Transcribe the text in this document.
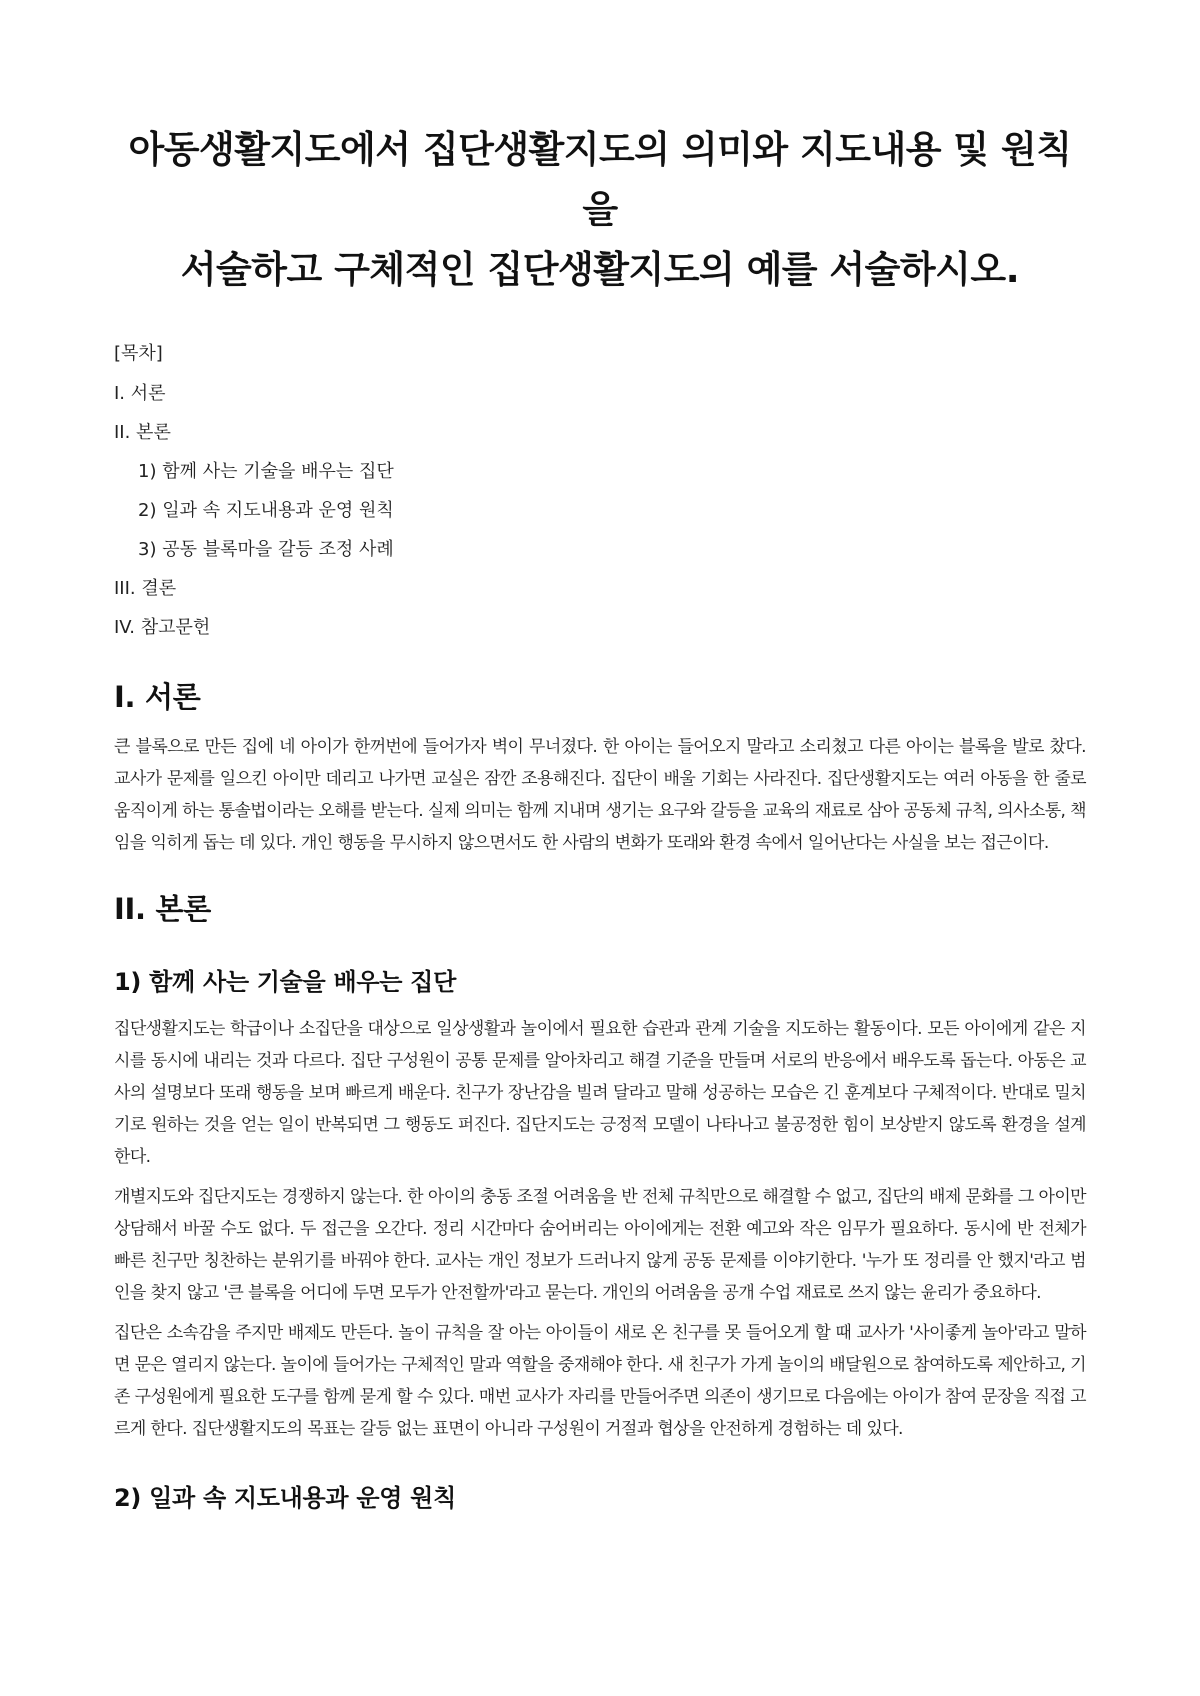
아동생활지도에서 집단생활지도의 의미와 지도내용 및 원칙을
서술하고 구체적인 집단생활지도의 예를 서술하시오.
[목차]
I. 서론
II. 본론
1) 함께 사는 기술을 배우는 집단
2) 일과 속 지도내용과 운영 원칙
3) 공동 블록마을 갈등 조정 사례
III. 결론
IV. 참고문헌
I. 서론

큰 블록으로 만든 집에 네 아이가 한꺼번에 들어가자 벽이 무너졌다. 한 아이는 들어오지 말라고 소리쳤고 다른 아이는 블록을 발로 찼다. 교사가 문제를 일으킨 아이만 데리고 나가면 교실은 잠깐 조용해진다. 집단이 배울 기회는 사라진다. 집단생활지도는 여러 아동을 한 줄로 움직이게 하는 통솔법이라는 오해를 받는다. 실제 의미는 함께 지내며 생기는 요구와 갈등을 교육의 재료로 삼아 공동체 규칙, 의사소통, 책임을 익히게 돕는 데 있다. 개인 행동을 무시하지 않으면서도 한 사람의 변화가 또래와 환경 속에서 일어난다는 사실을 보는 접근이다.

II. 본론
1) 함께 사는 기술을 배우는 집단

집단생활지도는 학급이나 소집단을 대상으로 일상생활과 놀이에서 필요한 습관과 관계 기술을 지도하는 활동이다. 모든 아이에게 같은 지시를 동시에 내리는 것과 다르다. 집단 구성원이 공통 문제를 알아차리고 해결 기준을 만들며 서로의 반응에서 배우도록 돕는다. 아동은 교사의 설명보다 또래 행동을 보며 빠르게 배운다. 친구가 장난감을 빌려 달라고 말해 성공하는 모습은 긴 훈계보다 구체적이다. 반대로 밀치기로 원하는 것을 얻는 일이 반복되면 그 행동도 퍼진다. 집단지도는 긍정적 모델이 나타나고 불공정한 힘이 보상받지 않도록 환경을 설계한다.

개별지도와 집단지도는 경쟁하지 않는다. 한 아이의 충동 조절 어려움을 반 전체 규칙만으로 해결할 수 없고, 집단의 배제 문화를 그 아이만 상담해서 바꿀 수도 없다. 두 접근을 오간다. 정리 시간마다 숨어버리는 아이에게는 전환 예고와 작은 임무가 필요하다. 동시에 반 전체가 빠른 친구만 칭찬하는 분위기를 바꿔야 한다. 교사는 개인 정보가 드러나지 않게 공동 문제를 이야기한다. '누가 또 정리를 안 했지'라고 범인을 찾지 않고 '큰 블록을 어디에 두면 모두가 안전할까'라고 묻는다. 개인의 어려움을 공개 수업 재료로 쓰지 않는 윤리가 중요하다.

집단은 소속감을 주지만 배제도 만든다. 놀이 규칙을 잘 아는 아이들이 새로 온 친구를 못 들어오게 할 때 교사가 '사이좋게 놀아'라고 말하면 문은 열리지 않는다. 놀이에 들어가는 구체적인 말과 역할을 중재해야 한다. 새 친구가 가게 놀이의 배달원으로 참여하도록 제안하고, 기존 구성원에게 필요한 도구를 함께 묻게 할 수 있다. 매번 교사가 자리를 만들어주면 의존이 생기므로 다음에는 아이가 참여 문장을 직접 고르게 한다. 집단생활지도의 목표는 갈등 없는 표면이 아니라 구성원이 거절과 협상을 안전하게 경험하는 데 있다.

2) 일과 속 지도내용과 운영 원칙
